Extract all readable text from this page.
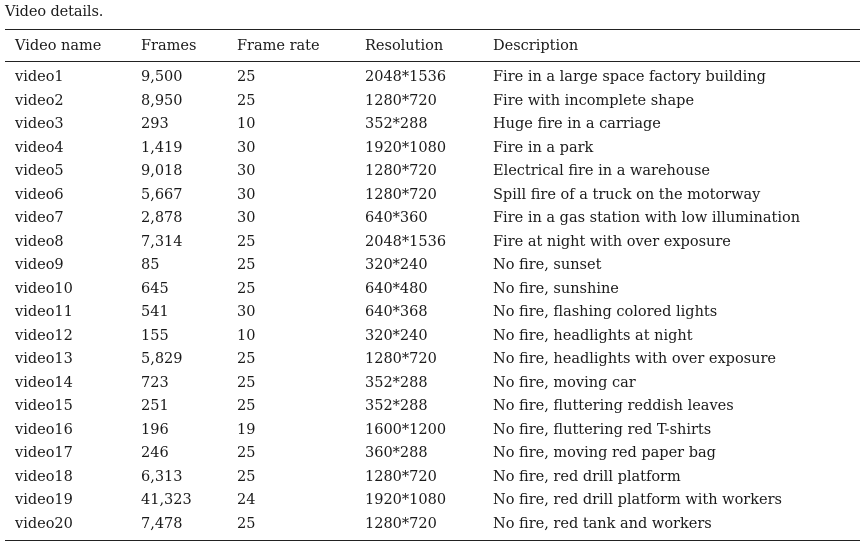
Video details.
Video name	Frames	Frame rate	Resolution	Description
video1	9,500	25	2048*1536	Fire in a large space factory building
video2	8,950	25	1280*720	Fire with incomplete shape
video3	293	10	352*288	Huge fire in a carriage
video4	1,419	30	1920*1080	Fire in a park
video5	9,018	30	1280*720	Electrical fire in a warehouse
video6	5,667	30	1280*720	Spill fire of a truck on the motorway
video7	2,878	30	640*360	Fire in a gas station with low illumination
video8	7,314	25	2048*1536	Fire at night with over exposure
video9	85	25	320*240	No fire, sunset
video10	645	25	640*480	No fire, sunshine
video11	541	30	640*368	No fire, flashing colored lights
video12	155	10	320*240	No fire, headlights at night
video13	5,829	25	1280*720	No fire, headlights with over exposure
video14	723	25	352*288	No fire, moving car
video15	251	25	352*288	No fire, fluttering reddish leaves
video16	196	19	1600*1200	No fire, fluttering red T-shirts
video17	246	25	360*288	No fire, moving red paper bag
video18	6,313	25	1280*720	No fire, red drill platform
video19	41,323	24	1920*1080	No fire, red drill platform with workers
video20	7,478	25	1280*720	No fire, red tank and workers
